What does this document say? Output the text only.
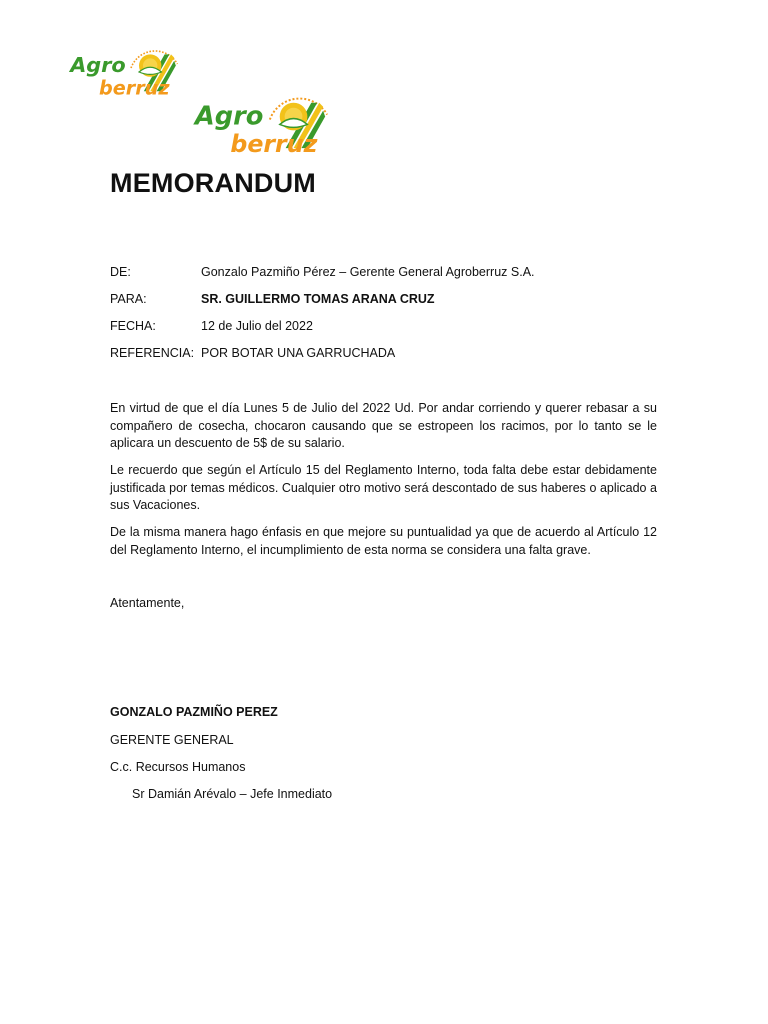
Agro
berruz
Agro
berruz
MEMORANDUM
DE:	Gonzalo Pazmiño Pérez – Gerente General Agroberruz S.A.
PARA:	SR. GUILLERMO TOMAS ARANA CRUZ
FECHA:	12 de Julio del 2022
REFERENCIA: POR BOTAR UNA GARRUCHADA

En virtud de que el día Lunes 5 de Julio del 2022 Ud. Por andar corriendo y querer rebasar a su compañero de cosecha, chocaron causando que se estropeen los racimos, por lo tanto se le aplicara un descuento de 5$ de su salario.

Le recuerdo que según el Artículo 15 del Reglamento Interno, toda falta debe estar debidamente justificada por temas médicos. Cualquier otro motivo será descontado de sus haberes o aplicado a sus Vacaciones.

De la misma manera hago énfasis en que mejore su puntualidad ya que de acuerdo al Artículo 12 del Reglamento Interno, el incumplimiento de esta norma se considera una falta grave.

Atentamente,

GONZALO PAZMIÑO PEREZ

GERENTE GENERAL

C.c. Recursos Humanos

Sr Damián Arévalo – Jefe Inmediato
